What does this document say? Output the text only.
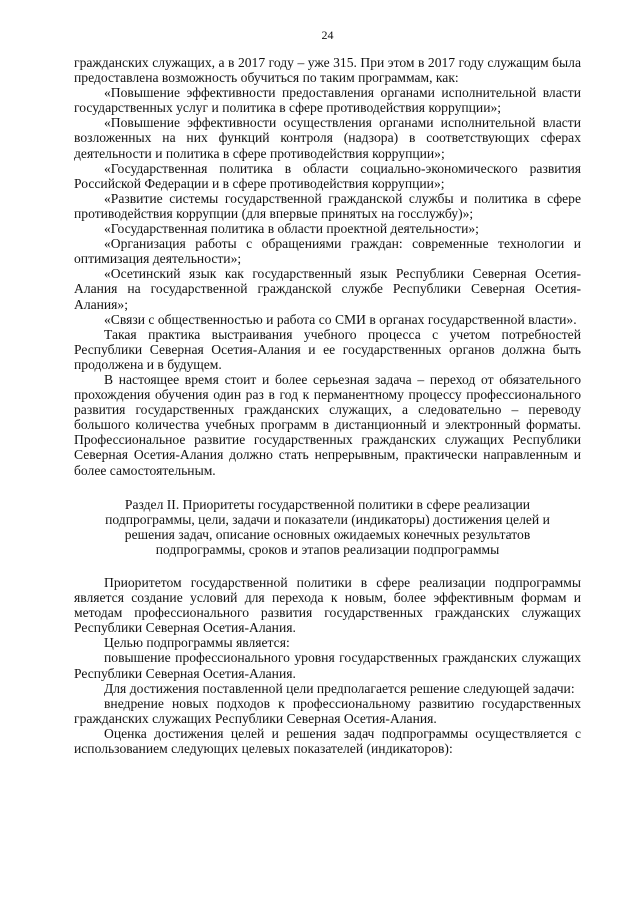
24

гражданских служащих, а в 2017 году – уже 315. При этом в 2017 году служащим была предоставлена возможность обучиться по таким программам, как:

«Повышение эффективности предоставления органами исполнительной власти государственных услуг и политика в сфере противодействия коррупции»;

«Повышение эффективности осуществления органами исполнительной власти возложенных на них функций контроля (надзора) в соответствующих сферах деятельности и политика в сфере противодействия коррупции»;

«Государственная политика в области социально-экономического развития Российской Федерации и в сфере противодействия коррупции»;

«Развитие системы государственной гражданской службы и политика в сфере противодействия коррупции (для впервые принятых на госслужбу)»;

«Государственная политика в области проектной деятельности»;

«Организация работы с обращениями граждан: современные технологии и оптимизация деятельности»;

«Осетинский язык как государственный язык Республики Северная Осетия-Алания на государственной гражданской службе Республики Северная Осетия-Алания»;

«Связи с общественностью и работа со СМИ в органах государственной власти».

Такая практика выстраивания учебного процесса с учетом потребностей Республики Северная Осетия-Алания и ее государственных органов должна быть продолжена и в будущем.

В настоящее время стоит и более серьезная задача – переход от обязательного прохождения обучения один раз в год к перманентному процессу профессионального развития государственных гражданских служащих, а следовательно – переводу большого количества учебных программ в дистанционный и электронный форматы. Профессиональное развитие государственных гражданских служащих Республики Северная Осетия-Алания должно стать непрерывным, практически направленным и более самостоятельным.

Раздел II. Приоритеты государственной политики в сфере реализации подпрограммы, цели, задачи и показатели (индикаторы) достижения целей и решения задач, описание основных ожидаемых конечных результатов подпрограммы, сроков и этапов реализации подпрограммы

Приоритетом государственной политики в сфере реализации подпрограммы является создание условий для перехода к новым, более эффективным формам и методам профессионального развития государственных гражданских служащих Республики Северная Осетия-Алания.

Целью подпрограммы является:

повышение профессионального уровня государственных гражданских служащих Республики Северная Осетия-Алания.

Для достижения поставленной цели предполагается решение следующей задачи:

внедрение новых подходов к профессиональному развитию государственных гражданских служащих Республики Северная Осетия-Алания.

Оценка достижения целей и решения задач подпрограммы осуществляется с использованием следующих целевых показателей (индикаторов):
